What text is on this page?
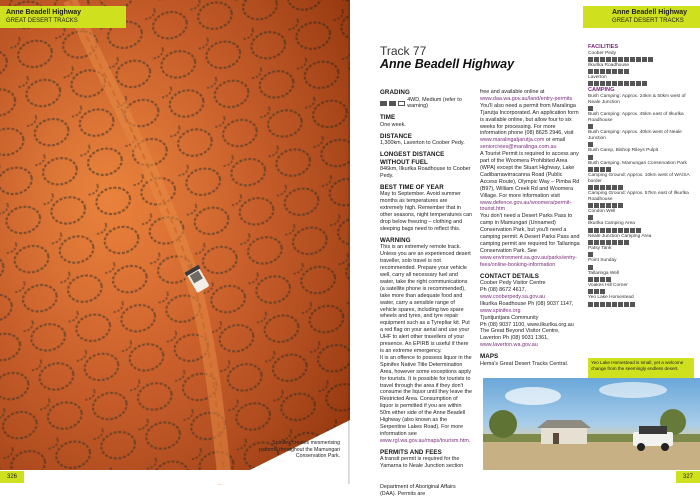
Anne Beadell Highway
GREAT DESERT TRACKS
Spinifex creates mesmerising patterns throughout the Mamungari Conservation Park.
326
Anne Beadell Highway
GREAT DESERT TRACKS
Track 77
Anne Beadell Highway
GRADING
4WD, Medium (refer to warning)
TIME

One week.

DISTANCE

1,300km, Laverton to Coober Pedy.

LONGEST DISTANCE WITHOUT FUEL

846km, Ilkurlka Roadhouse to Coober Pedy.

BEST TIME OF YEAR

May to September. Avoid summer months as temperatures are extremely high. Remember that in other seasons, night temperatures can drop below freezing – clothing and sleeping bags need to reflect this.

WARNING

This is an extremely remote track. Unless you are an experienced desert traveller, solo travel is not recommended. Prepare your vehicle well, carry all necessary fuel and water, take the right communications (a satellite phone is recommended), take more than adequate food and water, carry a sensible range of vehicle spares, including two spare wheels and tyres, and tyre repair equipment such as a Tyrepliar kit. Put a red flag on your aerial and use your UHF to alert other travellers of your presence. An EPIRB is useful if there is an extreme emergency.

It is an offence to possess liquor in the Spinifex Native Title Determination Area, however some exceptions apply for tourists. It is possible for tourists to travel through the area if they don't consume the liquor until they leave the Restricted Area. Consumption of liquor is permitted if you are within 50m either side of the Anne Beadell Highway (also known as the Serpentine Lakes Road). For more information see www.rgl.wa.gov.au/maps/tourism.htm.

PERMITS AND FEES

A transit permit is required for the Yamarna to Neale Junction section Department of Aboriginal Affairs (DAA). Permits are

free and available online at www.daa.wa.gov.au/land/entry-permits

You'll also need a permit from Maralinga Tjarutja Incorporated. An application form is available online, but allow four to six weeks for processing. For more information phone (08) 8625 2946, visit www.maralingatjarutja.com or email seniorcivies@maralinga.com.au

A Tourist Permit is required to access any part of the Woomera Prohibited Area (WPA) except the Stuart Highway, Lake Cadibarrawirracanna Road (Public Access Route), Olympic Way – Pimba Rd (B97), William Creek Rd and Woomera Village. For more information visit www.defence.gov.au/woomera/permit-tourist.htm

You don't need a Desert Parks Pass to camp in Mamungari (Unnamed) Conservation Park, but you'll need a camping permit. A Desert Parks Pass and camping permit are required for Tallaringa Conservation Park. See www.environment.sa.gov.au/parks/entry-fees/online-booking-information

CONTACT DETAILS
Coober Pedy Visitor Centre
Ph (08) 8672 4617,
www.cooberpedy.sa.gov.au
Ilkurlka Roadhouse Ph (08) 9037 1147,
www.spinifex.org
Tjuntjuntjara Community
Ph (08) 9037 1100, www.ilkurlka.org.au
The Great Beyond Visitor Centre,
Laverton Ph (08) 9031 1361,
www.laverton.wa.gov.au
MAPS

Hema's Great Desert Tracks Central.

FACILITIES
Coober Pedy
Ilkurlka Roadhouse
Laverton
CAMPING
Bush Camping: Approx. 24km & 50km west of Neale Junction
Bush Camping: Approx. 45km east of Ilkurlka Roadhouse
Bush Camping: Approx. 40km west of Neale Junction
Bush Camp, Bishop Rileys Pulpit
Bush Camping, Mamungari Conservation Park
Camping Ground: Approx. 10km west of WA/SA border
Camping Ground: Approx. 57km east of Ilkurlka Roadhouse
Condon Well
Ilkurlka Camping Area
Neale Junction Camping Area
Patsy Tank
Point Sunday
Tallaringa Well
Voakes Hill Corner
Yeo Lake Homestead
Yeo Lake Homestead is small, yet a welcome change from the seemingly endless desert.
327
